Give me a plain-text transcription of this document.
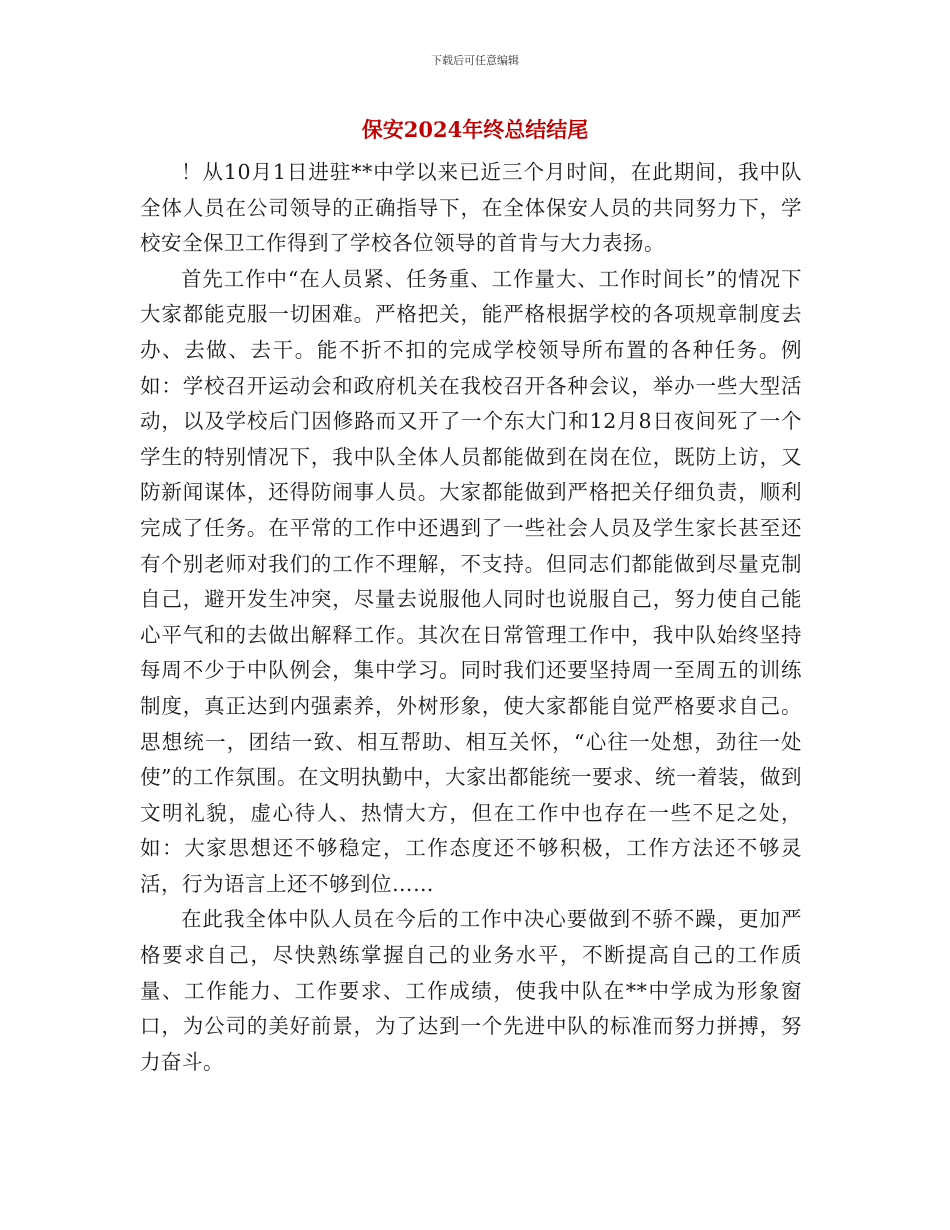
下载后可任意编辑
保安2024年终总结结尾

！从10月1日进驻**中学以来已近三个月时间，在此期间，我中队全体人员在公司领导的正确指导下，在全体保安人员的共同努力下，学校安全保卫工作得到了学校各位领导的首肯与大力表扬。

首先工作中“在人员紧、任务重、工作量大、工作时间长”的情况下大家都能克服一切困难。严格把关，能严格根据学校的各项规章制度去办、去做、去干。能不折不扣的完成学校领导所布置的各种任务。例如：学校召开运动会和政府机关在我校召开各种会议，举办一些大型活动，以及学校后门因修路而又开了一个东大门和12月8日夜间死了一个学生的特别情况下，我中队全体人员都能做到在岗在位，既防上访，又防新闻谋体，还得防闹事人员。大家都能做到严格把关仔细负责，顺利完成了任务。在平常的工作中还遇到了一些社会人员及学生家长甚至还有个别老师对我们的工作不理解，不支持。但同志们都能做到尽量克制自己，避开发生冲突，尽量去说服他人同时也说服自己，努力使自己能心平气和的去做出解释工作。其次在日常管理工作中，我中队始终坚持每周不少于中队例会，集中学习。同时我们还要坚持周一至周五的训练制度，真正达到内强素养，外树形象，使大家都能自觉严格要求自己。思想统一，团结一致、相互帮助、相互关怀，“心往一处想，劲往一处使”的工作氛围。在文明执勤中，大家出都能统一要求、统一着装，做到文明礼貌，虚心待人、热情大方，但在工作中也存在一些不足之处，如：大家思想还不够稳定，工作态度还不够积极，工作方法还不够灵活，行为语言上还不够到位……

在此我全体中队人员在今后的工作中决心要做到不骄不躁，更加严格要求自己，尽快熟练掌握自己的业务水平，不断提高自己的工作质量、工作能力、工作要求、工作成绩，使我中队在**中学成为形象窗口，为公司的美好前景，为了达到一个先进中队的标准而努力拼搏，努力奋斗。
